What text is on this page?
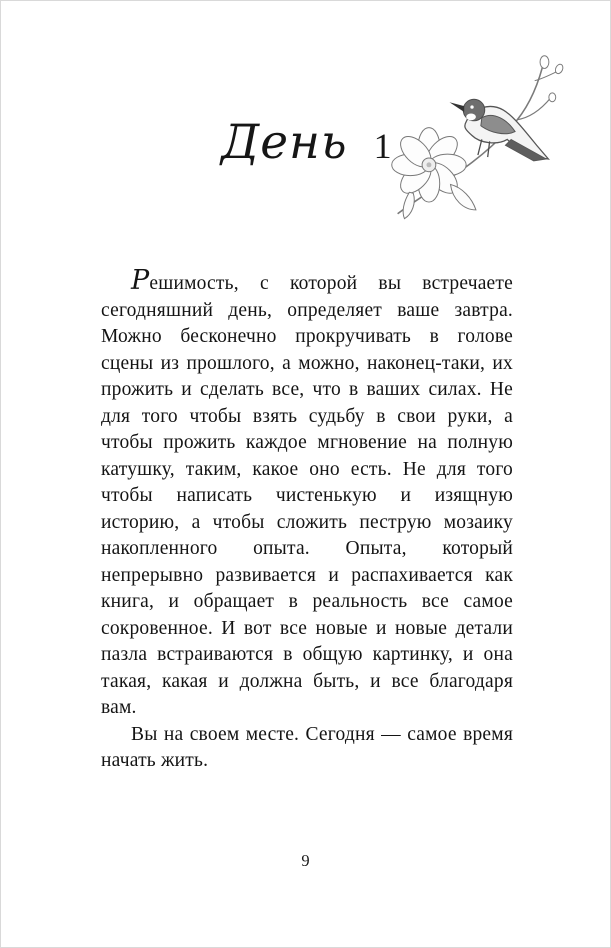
День 1

Решимость, с которой вы встречаете сегодняшний день, определяет ваше завтра. Можно бесконечно прокручивать в голове сцены из прошлого, а можно, наконец-таки, их прожить и сделать все, что в ваших силах. Не для того чтобы взять судьбу в свои руки, а чтобы прожить каждое мгновение на полную катушку, таким, какое оно есть. Не для того чтобы написать чистенькую и изящную историю, а чтобы сложить пеструю мозаику накопленного опыта. Опыта, который непрерывно развивается и распахивается как книга, и обращает в реальность все самое сокровенное. И вот все новые и новые детали пазла встраиваются в общую картинку, и она такая, какая и должна быть, и все благодаря вам.

Вы на своем месте. Сегодня — самое время начать жить.

9
